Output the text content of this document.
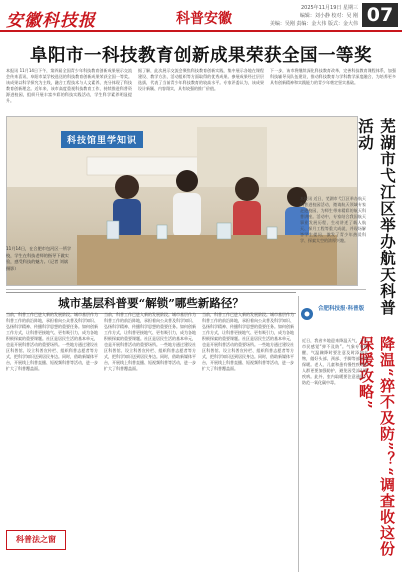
安徽科技报	科普安徽
2025年11月19日 星期三
编辑：刘小静 校对：吴 刚
美编：吴刚 责编：金大伟 版式：金大伟 07
阜阳市一科技教育创新成果荣获全国一等奖
本报讯 11月14日下午，第四届全国青少年科技教育创新成果展示交流会传来喜讯，阜阳市某学校选送的科技教育创新成果荣获全国一等奖。该成果以科学探究为主线，融合工程技术与人文素养，充分体现了科技教育创新理念。近年来，该市高度重视科技教育工作，持续推进科普资源进校园，组织开展丰富多彩的科技实践活动，学生科学素养明显提升。
据了解，此次展示交流会聚焦科技教育创新实践，集中展示各地在课程建设、教学方法、活动组织等方面取得的优秀成果。参展成果经过层层选拔，代表了当前青少年科技教育的较高水平。专家评委认为，该成果设计新颖、内容翔实，具有较强的推广价值。
下一步，该市将继续深化科技教育改革，完善科技教育课程体系，加强科技辅导员队伍建设，推动科技教育与学科教学深度融合，为培养更多具有创新精神和实践能力的青少年奠定坚实基础。
科技馆里学知识
11月14日，在合肥市包河区一所学校，学生在科技老师的指导下做实验，感受科技的魅力。（记者 刘斌 摄影）	芜湖市弋江区举办航天科普活动
本报讯 近日，芜湖市弋江区举办航天科普进校园活动，邀请航天领域专家走进校园，为师生带来精彩的航天科普讲座。活动中，专家结合我国航天事业发展历程，生动讲述了载人航天、探月工程等重大成就，并现场解答学生提问，激发了青少年热爱科学、探索太空的浓厚兴趣。
城市基层科普要“解锁”哪些新路径？
当前，科普工作已进入新的发展阶段。城市基层作为科普工作的前沿阵地，承担着向公众普及科学知识、弘扬科学精神、传播科学思想的重要任务。如何创新工作方式，让科普更接地气、更有吸引力，成为各地积极探索的重要课题。社区是居民生活的基本单元，也是开展科普活动的重要场所。一些地方通过建设社区科普馆、设立科普宣传栏、组织科普志愿者等方式，把科学知识送到居民身边。同时，借助新媒体平台，开展线上科普直播、短视频科普等活动，进一步扩大了科普覆盖面。
当前，科普工作已进入新的发展阶段。城市基层作为科普工作的前沿阵地，承担着向公众普及科学知识、弘扬科学精神、传播科学思想的重要任务。如何创新工作方式，让科普更接地气、更有吸引力，成为各地积极探索的重要课题。社区是居民生活的基本单元，也是开展科普活动的重要场所。一些地方通过建设社区科普馆、设立科普宣传栏、组织科普志愿者等方式，把科学知识送到居民身边。同时，借助新媒体平台，开展线上科普直播、短视频科普等活动，进一步扩大了科普覆盖面。
当前，科普工作已进入新的发展阶段。城市基层作为科普工作的前沿阵地，承担着向公众普及科学知识、弘扬科学精神、传播科学思想的重要任务。如何创新工作方式，让科普更接地气、更有吸引力，成为各地积极探索的重要课题。社区是居民生活的基本单元，也是开展科普活动的重要场所。一些地方通过建设社区科普馆、设立科普宣传栏、组织科普志愿者等方式，把科学知识送到居民身边。同时，借助新媒体平台，开展线上科普直播、短视频科普等活动，进一步扩大了科普覆盖面。
科普法之窗
合肥科技报·科普版
降温“猝不及防”？“调查收这份保暖攻略”
近日，我省多地迎来降温天气，不少市民感觉“猝不及防”。气象专家提醒，气温骤降时要注意及时添加衣物，做好头部、颈部、手脚等部位的保暖。老人、儿童和患有慢性疾病的人群更要加强防护，避免因受凉引发疾病。此外，室内取暖要注意通风，防范一氧化碳中毒。
